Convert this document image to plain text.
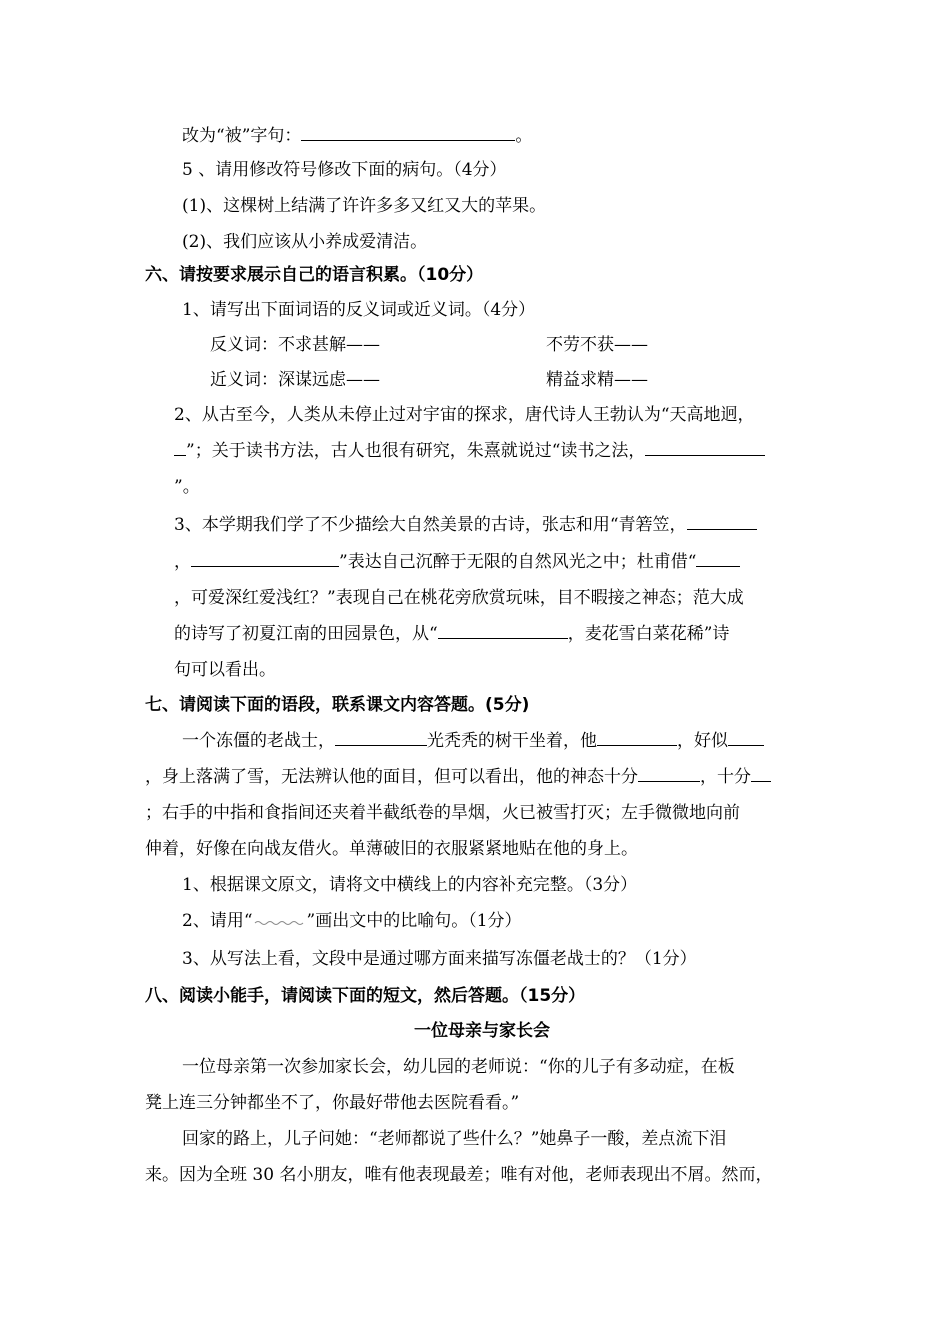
改为“被”字句：	。
5 、请用修改符号修改下面的病句。（4分）
(1)、这棵树上结满了许许多多又红又大的苹果。
(2)、我们应该从小养成爱清洁。
六、请按要求展示自己的语言积累。（10分）
1、请写出下面词语的反义词或近义词。（4分）
反义词：不求甚解——	不劳不获——
近义词：深谋远虑——	精益求精——
2、从古至今，人类从未停止过对宇宙的探求，唐代诗人王勃认为“天高地迥，
”；关于读书方法，古人也很有研究，朱熹就说过“读书之法，
”。
3、本学期我们学了不少描绘大自然美景的古诗，张志和用“青箬笠，
，	”表达自己沉醉于无限的自然风光之中；杜甫借“
，可爱深红爱浅红？”表现自己在桃花旁欣赏玩味，目不暇接之神态；范大成
的诗写了初夏江南的田园景色，从“	，麦花雪白菜花稀”诗
句可以看出。
七、请阅读下面的语段，联系课文内容答题。(5分)
一个冻僵的老战士，	光秃秃的树干坐着，他	，好似
，身上落满了雪，无法辨认他的面目，但可以看出，他的神态十分	，十分
；右手的中指和食指间还夹着半截纸卷的旱烟，火已被雪打灭；左手微微地向前
伸着，好像在向战友借火。单薄破旧的衣服紧紧地贴在他的身上。
1、根据课文原文，请将文中横线上的内容补充完整。（3分）
2、请用“	”画出文中的比喻句。（1分）
3、从写法上看，文段中是通过哪方面来描写冻僵老战士的？（1分）
八、阅读小能手，请阅读下面的短文，然后答题。（15分）
一位母亲与家长会
一位母亲第一次参加家长会，幼儿园的老师说：“你的儿子有多动症，在板
凳上连三分钟都坐不了，你最好带他去医院看看。”
回家的路上，儿子问她：“老师都说了些什么？”她鼻子一酸，差点流下泪
来。因为全班 30 名小朋友，唯有他表现最差；唯有对他，老师表现出不屑。然而，
